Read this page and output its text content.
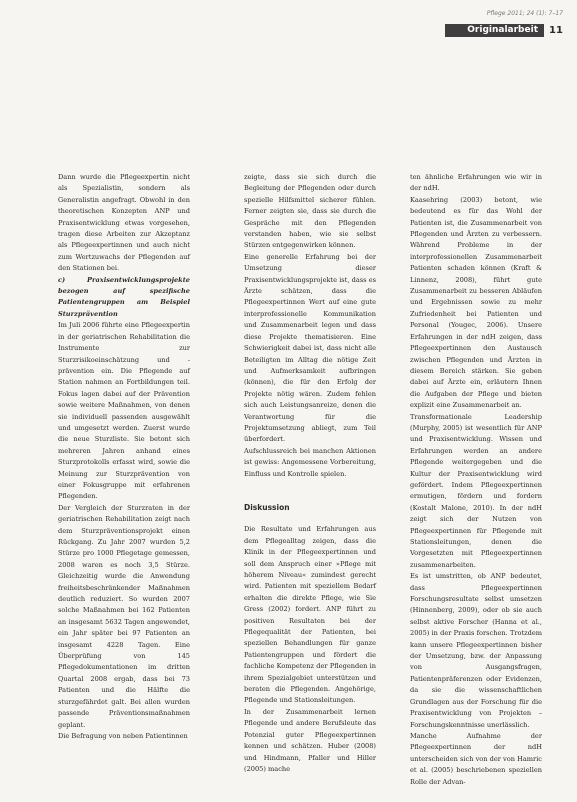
Pflege 2011; 24 (1): 7–17
Originalarbeit	11

Dann wurde die Pflegeexpertin nicht als Spezialistin, sondern als Generalistin angefragt. Obwohl in den theoretischen Konzepten ANP und Praxisentwicklung etwas vorgesehen, tragen diese Arbeiten zur Akzeptanz als Pflegeexpertinnen und auch nicht zum Wertzuwachs der Pflegenden auf den Stationen bei.

c) Praxisentwicklungsprojekte bezogen auf spezifische Patientengruppen am Beispiel Sturzprävention

Im Juli 2006 führte eine Pflegeexpertin in der geriatrischen Rehabilitation die Instrumente zur Sturzrisikoeinschätzung und -prävention ein. Die Pflegende auf Station nahmen an Fortbildungen teil. Fokus lagen dabei auf der Prävention sowie weitere Maßnahmen, von denen sie individuell passenden ausgewählt und umgesetzt werden. Zuerst wurde die neue Sturzliste. Sie betont sich mehreren Jahren anhand eines Sturzprotokolls erfasst wird, sowie die Meinung zur Sturzprävention von einer Fokusgruppe mit erfahrenen Pflegenden.

Der Vergleich der Sturzraten in der geriatrischen Rehabilitation zeigt nach dem Sturzpräventionsprojekt einen Rückgang. Zu Jahr 2007 wurden 5,2 Stürze pro 1000 Pflegetage gemessen, 2008 waren es noch 3,5 Stürze. Gleichzeitig wurde die Anwendung freiheitsbeschränkender Maßnahmen deutlich reduziert. So wurden 2007 solche Maßnahmen bei 162 Patienten an insgesamt 5632 Tagen angewendet, ein Jahr später bei 97 Patienten an insgesamt 4228 Tagen. Eine Überprüfung von 145 Pflegedokumentationen im dritten Quartal 2008 ergab, dass bei 73 Patienten und die Hälfte die sturzgefährdet galt. Bei allen wurden passende Präventionsmaßnahmen geplant.

Die Befragung von neben Patientinnen

zeigte, dass sie sich durch die Begleitung der Pflegenden oder durch spezielle Hilfsmittel sicherer fühlen. Ferner zeigten sie, dass sie durch die Gespräche mit den Pflegenden verstanden haben, wie sie selbst Stürzen entgegenwirken können.

Eine generelle Erfahrung bei der Umsetzung dieser Praxisentwicklungsprojekte ist, dass es Ärzte schätzen, dass die Pflegeexpertinnen Wert auf eine gute interprofessionelle Kommunikation und Zusammenarbeit legen und dass diese Projekte thematisieren. Eine Schwierigkeit dabei ist, dass nicht alle Beteiligten im Alltag die nötige Zeit und Aufmerksamkeit aufbringen (können), die für den Erfolg der Projekte nötig wären. Zudem fehlen sich auch Leistungsanreize, denen die Verantwortung für die Projektumsetzung abliegt, zum Teil überfordert.

Aufschlussreich bei manchen Aktionen ist gewiss: Angemessene Vorbereitung, Einfluss und Kontrolle spielen.

Diskussion

Die Resultate und Erfahrungen aus dem Pflegealltag zeigen, dass die Klinik in der Pflegeexpertinnen und soll dem Anspruch einer »Pflege mit höherem Niveau« zumindest gerecht wird. Patienten mit speziellem Bedarf erhalten die direkte Pflege, wie Sie Gress (2002) fordert. ANP führt zu positiven Resultaten bei der Pflegequalität der Patienten, bei speziellen Behandlungen für ganze Patientengruppen und fördert die fachliche Kompetenz der Pflegenden in ihrem Spezialgebiet unterstützen und beraten die Pflegenden. Angehörige, Pflegende und Stationsleitungen.

In der Zusammenarbeit lernen Pflegende und andere Berufsleute das Potenzial guter Pflegeexpertinnen kennen und schätzen. Huber (2008) und Hindmann, Pfaller und Hiller (2005) mache

ten ähnliche Erfahrungen wie wir in der ndH.

Kaasehring (2003) betont, wie bedeutend es für das Wohl der Patienten ist, die Zusammenarbeit von Pflegenden und Ärzten zu verbessern. Während Probleme in der interprofessionellen Zusammenarbeit Patienten schaden können (Kraft & Linnenz, 2008), führt gute Zusammenarbeit zu besseren Abläufen und Ergebnissen sowie zu mehr Zufriedenheit bei Patienten und Personal (Yougec, 2006). Unsere Erfahrungen in der ndH zeigen, dass Pflegeexpertinnen den Austausch zwischen Pflegenden und Ärzten in diesem Bereich stärken. Sie geben dabei auf Ärzte ein, erläutern Ihnen die Aufgaben der Pflege und bieten explizit eine Zusammenarbeit an.

Transformationale Leadership (Murphy, 2005) ist wesentlich für ANP und Praxisentwicklung. Wissen und Erfahrungen werden an andere Pflegende weitergegeben und die Kultur der Praxisentwicklung wird gefördert. Indem Pflegeexpertinnen ermutigen, fördern und fordern (Kostalt Malone, 2010). In der ndH zeigt sich der Nutzen von Pflegeexpertinnen für Pflegende mit Stationsleitungen, denen die Vorgesetzten mit Pflegeexpertinnen zusammenarbeiten.

Es ist umstritten, ob ANP bedeutet, dass Pflegeexpertinnen Forschungsresultate selbst umsetzen (Hinnenberg, 2009), oder ob sie auch selbst aktive Forscher (Hanna et al., 2005) in der Praxis forschen. Trotzdem kann unsere Pflegeexpertinnen bisher der Umsetzung, bzw. der Anpassung von Ausgangsfragen, Patientenpräferenzen oder Evidenzen, da sie die wissenschaftlichen Grundlagen aus der Forschung für die Praxisentwicklung von Projekten – Forschungskenntnisse unerlässlich.

Manche Aufnahme der Pflegeexpertinnen der ndH unterscheiden sich von der von Hamric et al. (2005) beschriebenen speziellen Rolle der Advan-
